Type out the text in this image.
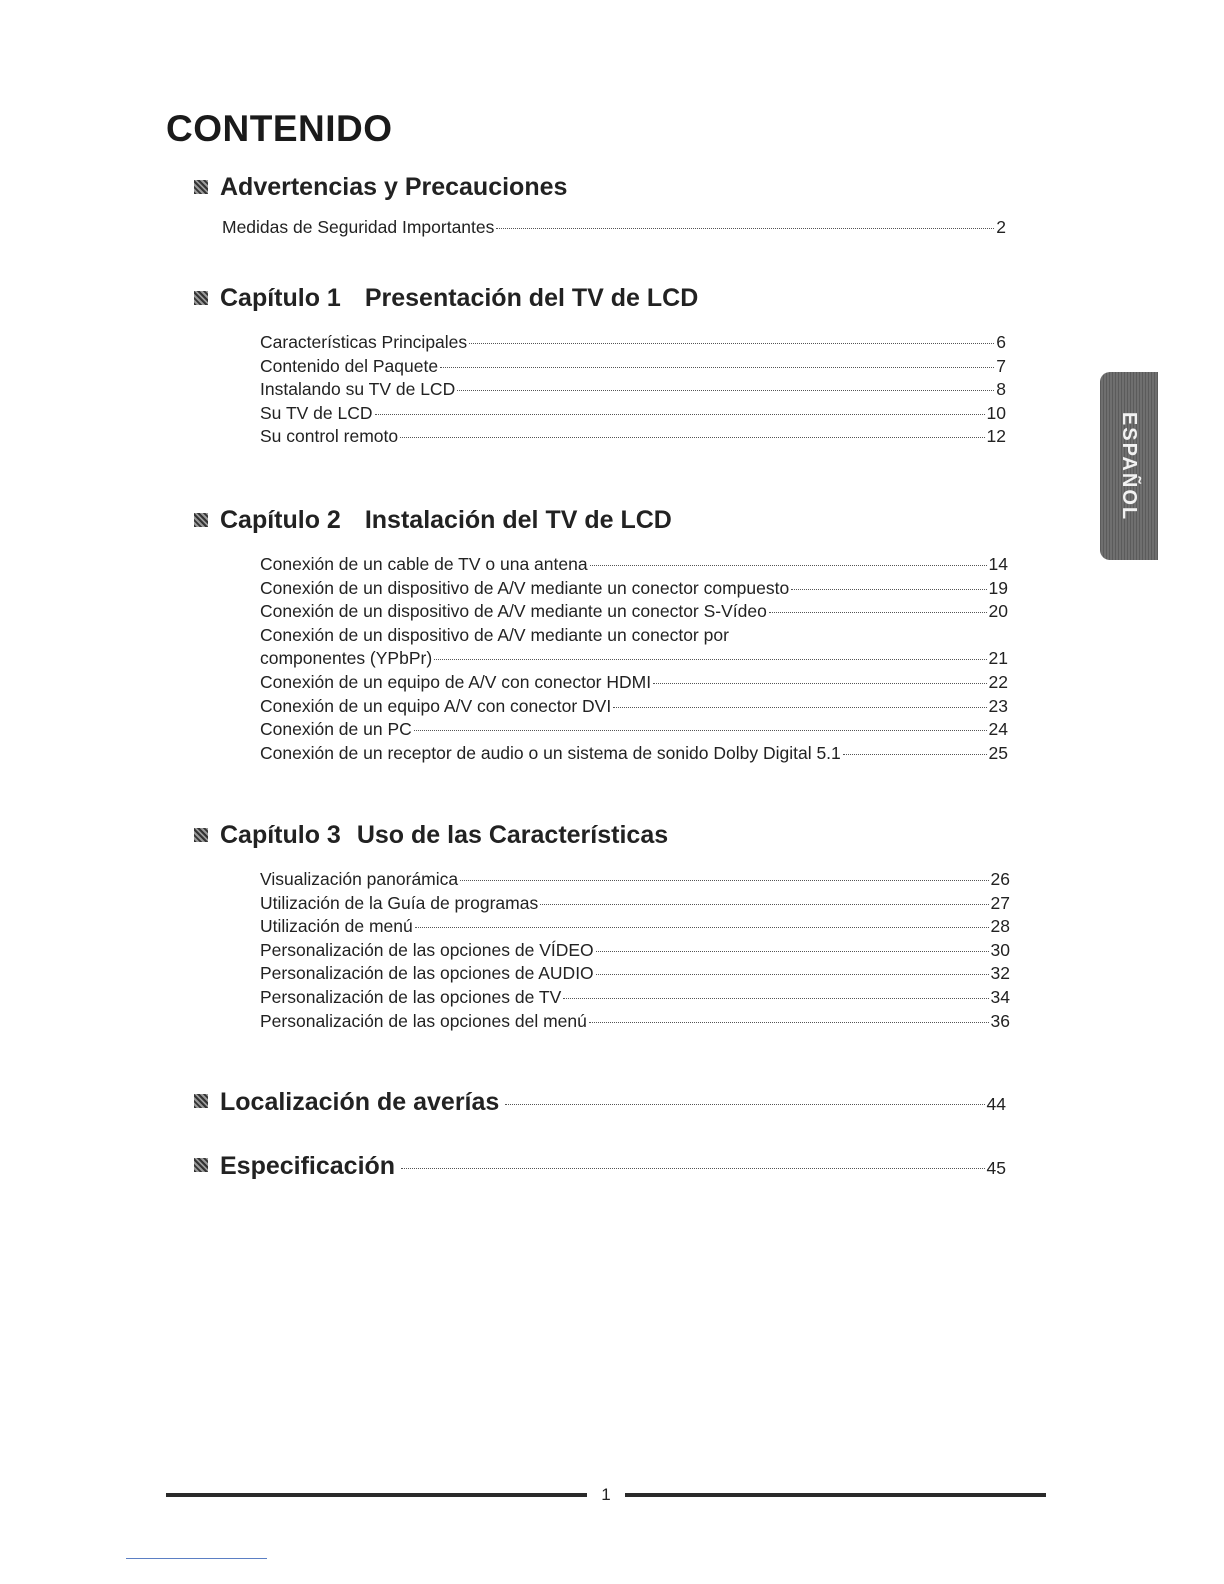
CONTENIDO
Advertencias y Precauciones
Medidas de Seguridad Importantes	2
Capítulo 1 Presentación del TV de LCD
Características Principales	6
Contenido del Paquete	7
Instalando su TV de LCD	8
Su TV de LCD	10
Su control remoto	12
Capítulo 2 Instalación del TV de LCD
Conexión de un cable de TV o una antena	14
Conexión de un dispositivo de A/V mediante un conector compuesto	19
Conexión de un dispositivo de A/V mediante un conector S-Vídeo	20
Conexión de un dispositivo de A/V mediante un conector por
componentes (YPbPr)	21
Conexión de un equipo de A/V con conector HDMI	22
Conexión de un equipo A/V con conector DVI	23
Conexión de un PC	24
Conexión de un receptor de audio o un sistema de sonido Dolby Digital 5.1	25
Capítulo 3 Uso de las Características
Visualización panorámica	26
Utilización de la Guía de programas	27
Utilización de menú	28
Personalización de las opciones de VÍDEO	30
Personalización de las opciones de AUDIO	32
Personalización de las opciones de TV	34
Personalización de las opciones del menú	36
Localización de averías	44
Especificación	45
ESPAÑOL
1
